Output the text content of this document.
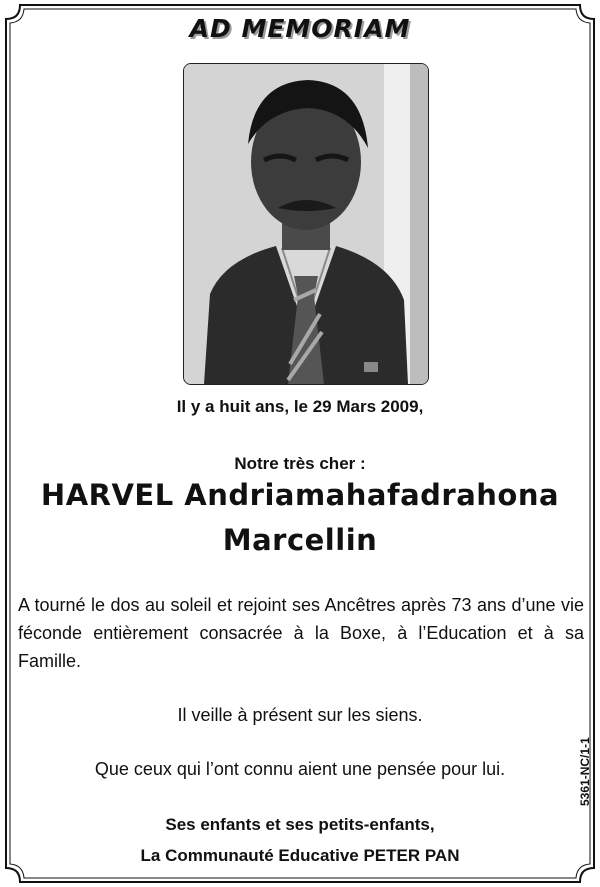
AD MEMORIAM
Il y a huit ans, le 29 Mars 2009,
Notre très cher :
HARVEL Andriamahafadrahona
Marcellin
A tourné le dos au soleil et rejoint ses Ancêtres après 73 ans d’une vie féconde entièrement consacrée à la Boxe, à l’Education et à sa Famille.
Il veille à présent sur les siens.
Que ceux qui l’ont connu aient une pensée pour lui.
Ses enfants et ses petits-enfants,
La Communauté Educative PETER PAN
5361-NC/1-1
